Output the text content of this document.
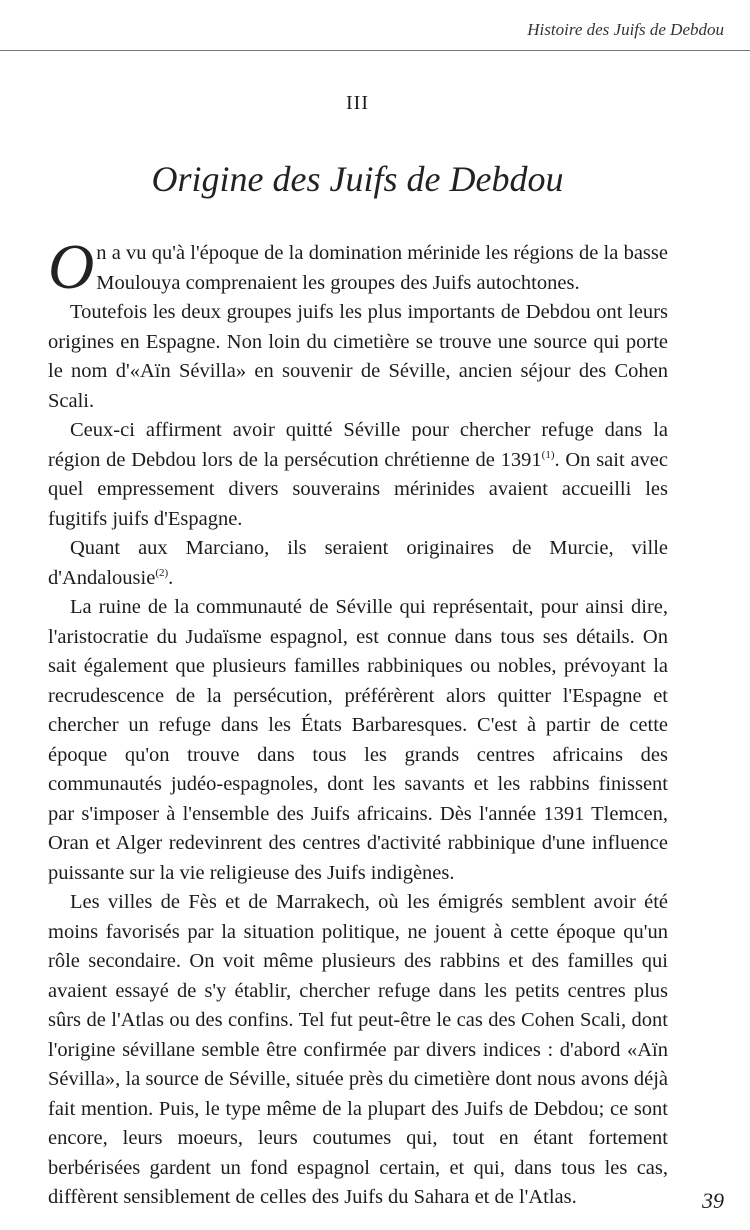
Histoire des Juifs de Debdou
III
Origine des Juifs de Debdou

On a vu qu'à l'époque de la domination mérinide les régions de la basse Moulouya comprenaient les groupes des Juifs autochtones.

Toutefois les deux groupes juifs les plus importants de Debdou ont leurs origines en Espagne. Non loin du cimetière se trouve une source qui porte le nom d'«Aïn Sévilla» en souvenir de Séville, ancien séjour des Cohen Scali.

Ceux-ci affirment avoir quitté Séville pour chercher refuge dans la région de Debdou lors de la persécution chrétienne de 1391$^{(1)}$. On sait avec quel empressement divers souverains mérinides avaient accueilli les fugitifs juifs d'Espagne.

Quant aux Marciano, ils seraient originaires de Murcie, ville d'Andalousie$^{(2)}$.

La ruine de la communauté de Séville qui représentait, pour ainsi dire, l'aristocratie du Judaïsme espagnol, est connue dans tous ses détails. On sait également que plusieurs familles rabbiniques ou nobles, prévoyant la recrudescence de la persécution, préférèrent alors quitter l'Espagne et chercher un refuge dans les États Barbaresques. C'est à partir de cette époque qu'on trouve dans tous les grands centres africains des communautés judéo-espagnoles, dont les savants et les rabbins finissent par s'imposer à l'ensemble des Juifs africains. Dès l'année 1391 Tlemcen, Oran et Alger redevinrent des centres d'activité rabbinique d'une influence puissante sur la vie religieuse des Juifs indigènes.

Les villes de Fès et de Marrakech, où les émigrés semblent avoir été moins favorisés par la situation politique, ne jouent à cette époque qu'un rôle secondaire. On voit même plusieurs des rabbins et des familles qui avaient essayé de s'y établir, chercher refuge dans les petits centres plus sûrs de l'Atlas ou des confins. Tel fut peut-être le cas des Cohen Scali, dont l'origine sévillane semble être confirmée par divers indices : d'abord «Aïn Sévilla», la source de Séville, située près du cimetière dont nous avons déjà fait mention. Puis, le type même de la plupart des Juifs de Debdou; ce sont encore, leurs moeurs, leurs coutumes qui, tout en étant fortement berbérisées gardent un fond espagnol certain, et qui, dans tous les cas, diffèrent sensiblement de celles des Juifs du Sahara et de l'Atlas.	39
